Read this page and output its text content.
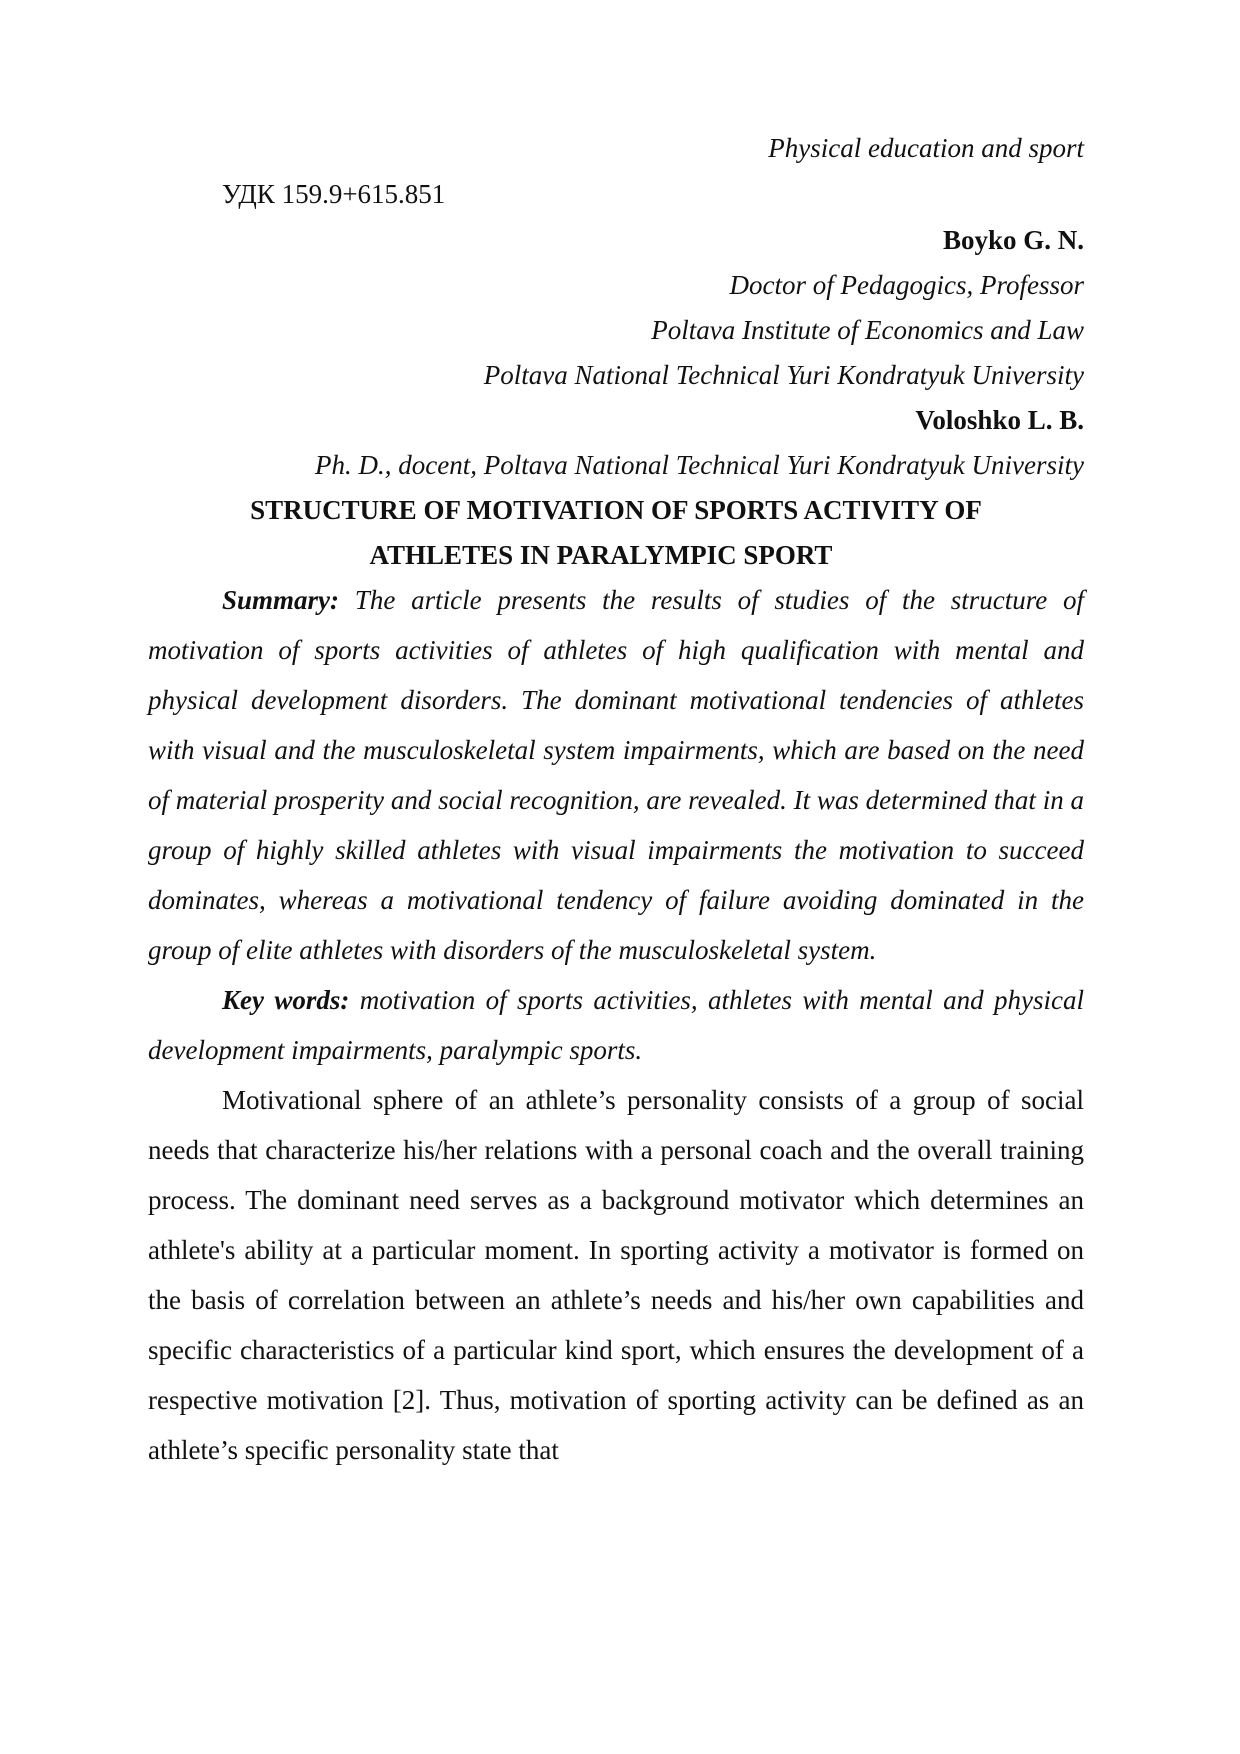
Physical education and sport
УДК 159.9+615.851
Boyko G. N.
Doctor of Pedagogics, Professor
Poltava Institute of Economics and Law
Poltava National Technical Yuri Kondratyuk University
Voloshko L. B.
Ph. D., docent, Poltava National Technical Yuri Kondratyuk University
STRUCTURE OF MOTIVATION OF SPORTS ACTIVITY OF
ATHLETES IN PARALYMPIC SPORT

Summary: The article presents the results of studies of the structure of motivation of sports activities of athletes of high qualification with mental and physical development disorders. The dominant motivational tendencies of athletes with visual and the musculoskeletal system impairments, which are based on the need of material prosperity and social recognition, are revealed. It was determined that in a group of highly skilled athletes with visual impairments the motivation to succeed dominates, whereas a motivational tendency of failure avoiding dominated in the group of elite athletes with disorders of the musculoskeletal system.

Key words: motivation of sports activities, athletes with mental and physical development impairments, paralympic sports.

Motivational sphere of an athlete’s personality consists of a group of social needs that characterize his/her relations with a personal coach and the overall training process. The dominant need serves as a background motivator which determines an athlete's ability at a particular moment. In sporting activity a motivator is formed on the basis of correlation between an athlete’s needs and his/her own capabilities and specific characteristics of a particular kind sport, which ensures the development of a respective motivation [2]. Thus, motivation of sporting activity can be defined as an athlete’s specific personality state that
